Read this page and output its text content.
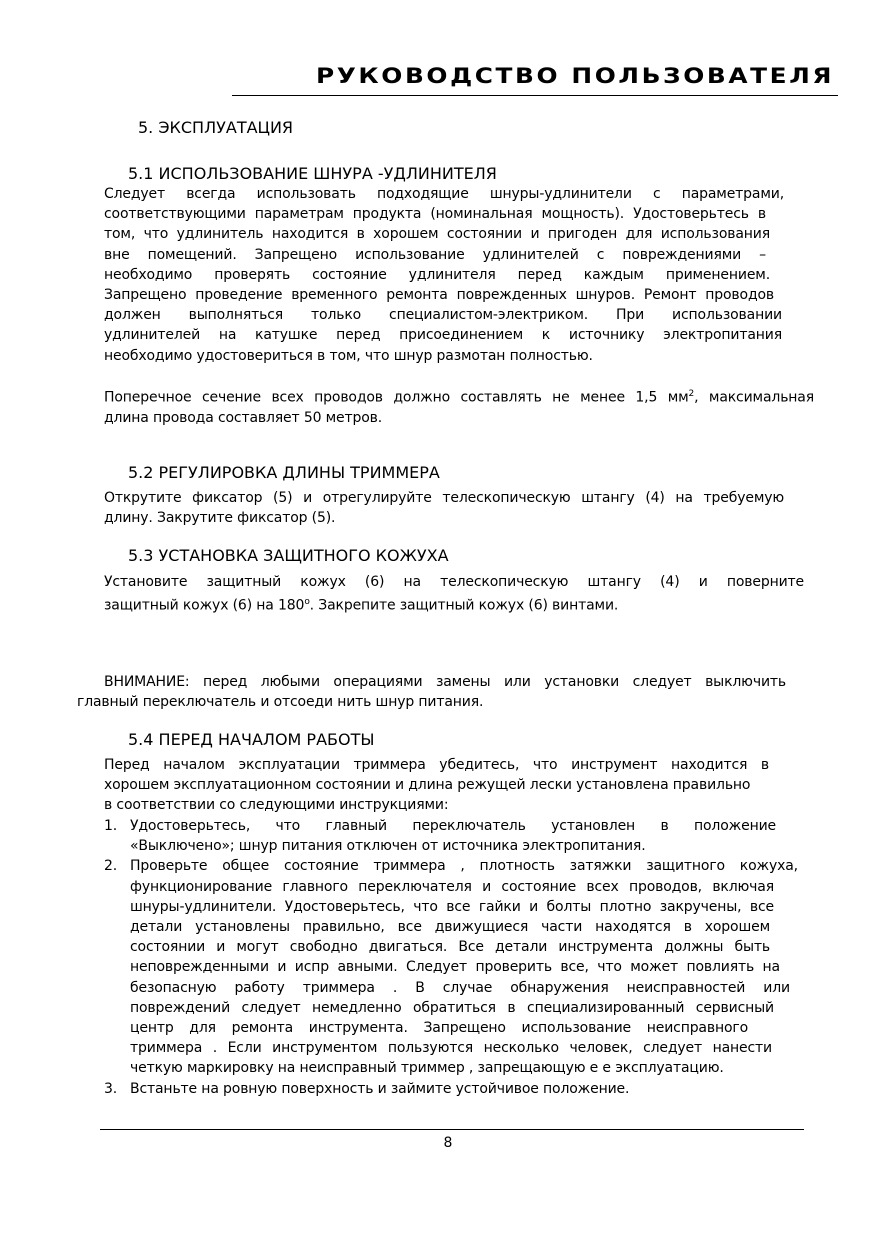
РУКОВОДСТВО ПОЛЬЗОВАТЕЛЯ
5. ЭКСПЛУАТАЦИЯ
5.1 ИСПОЛЬЗОВАНИЕ ШНУРА -УДЛИНИТЕЛЯ
Следует всегда использовать подходящие шнуры-удлинители с параметрами,
соответствующими параметрам продукта (номинальная мощность). Удостоверьтесь в
том, что удлинитель находится в хорошем состоянии и пригоден для использования
вне помещений. Запрещено использование удлинителей с повреждениями –
необходимо проверять состояние удлинителя перед каждым применением.
Запрещено проведение временного ремонта поврежденных шнуров. Ремонт проводов
должен выполняться только специалистом-электриком. При использовании
удлинителей на катушке перед присоединением к источнику электропитания
необходимо удостовериться в том, что шнур размотан полностью.
Поперечное сечение всех проводов должно составлять не менее 1,5 $мм^2$, максимальная
длина провода составляет 50 метров.
5.2 РЕГУЛИРОВКА ДЛИНЫ ТРИММЕРА
Открутите фиксатор (5) и отрегулируйте телескопическую штангу (4) на требуемую
длину. Закрутите фиксатор (5).
5.3 УСТАНОВКА ЗАЩИТНОГО КОЖУХА
Установите защитный кожух (6) на телескопическую штангу (4) и поверните
защитный кожух (6) на $180^о$. Закрепите защитный кожух (6) винтами.
ВНИМАНИЕ: перед любыми операциями замены или установки следует выключить
главный переключатель и отсоеди нить шнур питания.
5.4 ПЕРЕД НАЧАЛОМ РАБОТЫ
Перед началом эксплуатации триммера убедитесь, что инструмент находится в
хорошем эксплуатационном состоянии и длина режущей лески установлена правильно
в соответствии со следующими инструкциями:
1. Удостоверьтесь, что главный переключатель установлен в положение
«Выключено»; шнур питания отключен от источника электропитания.
2. Проверьте общее состояние триммера , плотность затяжки защитного кожуха,
функционирование главного переключателя и состояние всех проводов, включая
шнуры-удлинители. Удостоверьтесь, что все гайки и болты плотно закручены, все
детали установлены правильно, все движущиеся части находятся в хорошем
состоянии и могут свободно двигаться. Все детали инструмента должны быть
неповрежденными и испр авными. Следует проверить все, что может повлиять на
безопасную работу триммера . В случае обнаружения неисправностей или
повреждений следует немедленно обратиться в специализированный сервисный
центр для ремонта инструмента. Запрещено использование неисправного
триммера . Если инструментом пользуются несколько человек, следует нанести
четкую маркировку на неисправный триммер , запрещающую е е эксплуатацию.
3. Встаньте на ровную поверхность и займите устойчивое положение.
8
